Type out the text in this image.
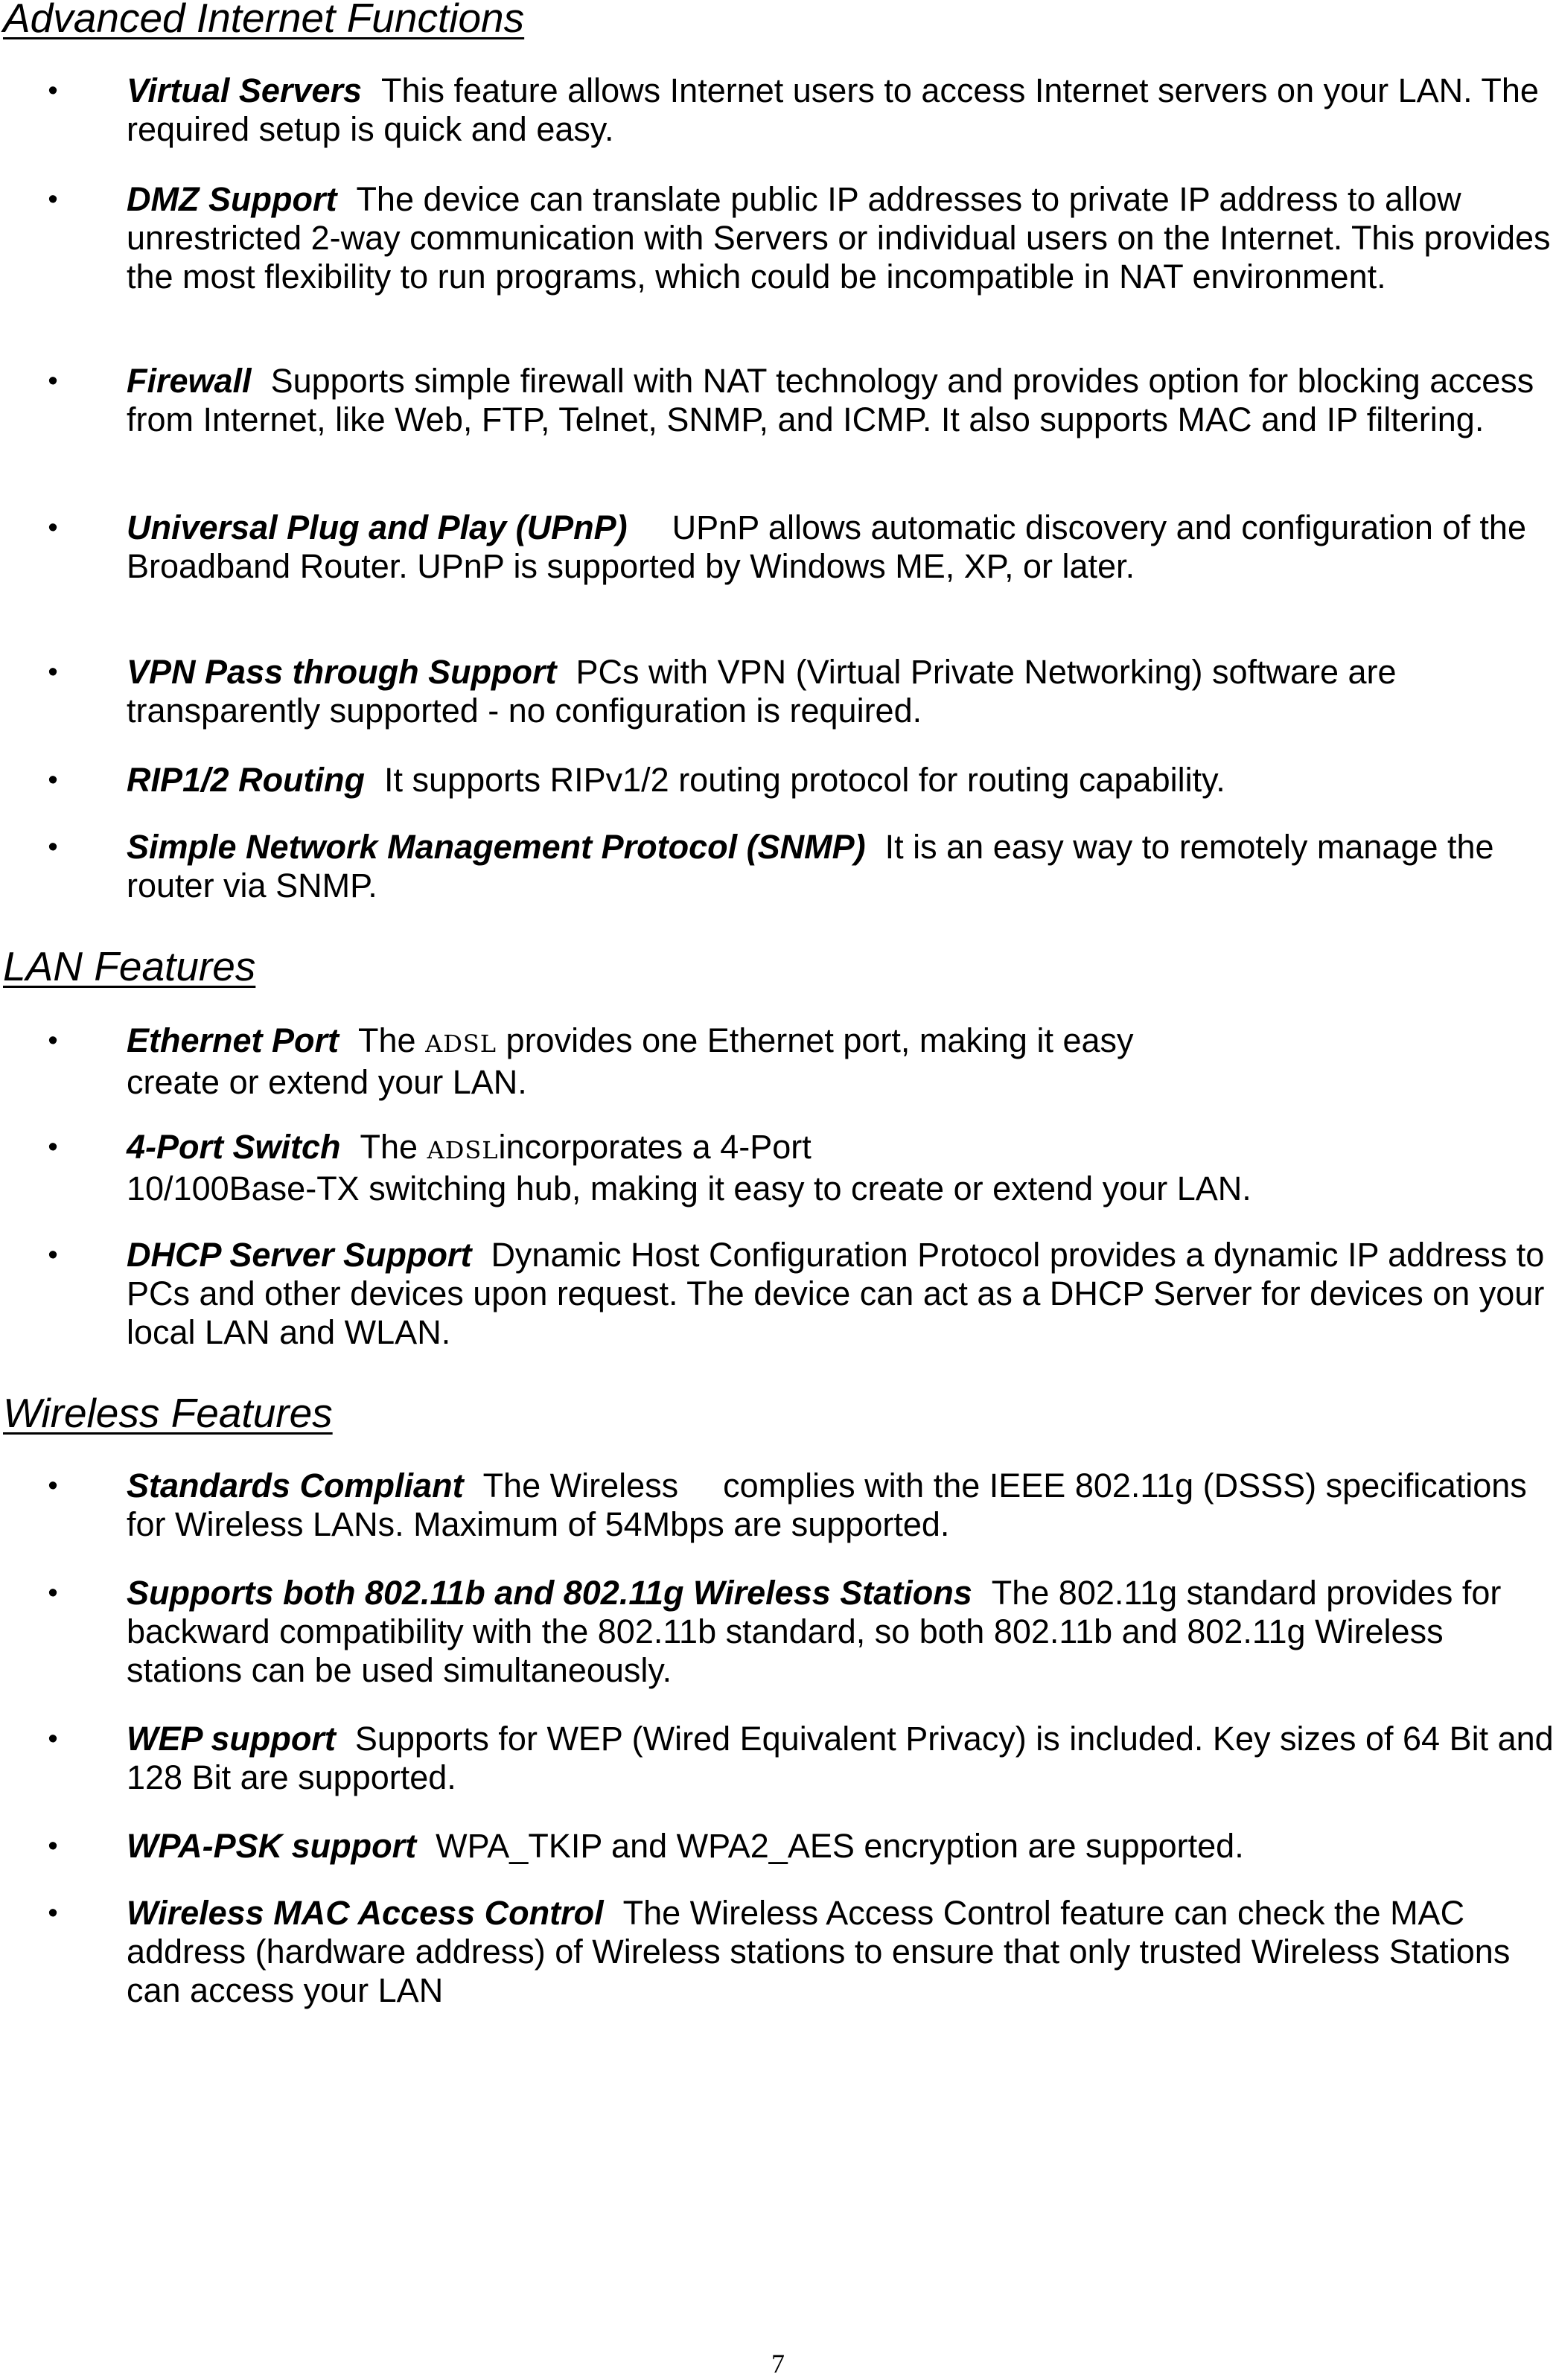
Advanced Internet Functions
• Virtual Servers This feature allows Internet users to access Internet servers on your LAN. The required setup is quick and easy.
• DMZ Support The device can translate public IP addresses to private IP address to allow unrestricted 2-way communication with Servers or individual users on the Internet. This provides the most flexibility to run programs, which could be incompatible in NAT environment.
• Firewall Supports simple firewall with NAT technology and provides option for blocking access from Internet, like Web, FTP, Telnet, SNMP, and ICMP. It also supports MAC and IP filtering.
• Universal Plug and Play (UPnP) UPnP allows automatic discovery and configuration of the Broadband Router. UPnP is supported by Windows ME, XP, or later.
• VPN Pass through Support PCs with VPN (Virtual Private Networking) software are transparently supported - no configuration is required.
• RIP1/2 Routing It supports RIPv1/2 routing protocol for routing capability.
• Simple Network Management Protocol (SNMP) It is an easy way to remotely manage the router via SNMP.
LAN Features
• Ethernet Port The ADSL provides one Ethernet port, making it easy
create or extend your LAN.
• 4-Port Switch The ADSLincorporates a 4-Port
10/100Base-TX switching hub, making it easy to create or extend your LAN.
• DHCP Server Support Dynamic Host Configuration Protocol provides a dynamic IP address to PCs and other devices upon request. The device can act as a DHCP Server for devices on your local LAN and WLAN.
Wireless Features
• Standards Compliant The Wireless complies with the IEEE 802.11g (DSSS) specifications for Wireless LANs. Maximum of 54Mbps are supported.
• Supports both 802.11b and 802.11g Wireless Stations The 802.11g standard provides for backward compatibility with the 802.11b standard, so both 802.11b and 802.11g Wireless stations can be used simultaneously.
• WEP support Supports for WEP (Wired Equivalent Privacy) is included. Key sizes of 64 Bit and 128 Bit are supported.
• WPA-PSK support WPA_TKIP and WPA2_AES encryption are supported.
• Wireless MAC Access Control The Wireless Access Control feature can check the MAC address (hardware address) of Wireless stations to ensure that only trusted Wireless Stations can access your LAN
7
